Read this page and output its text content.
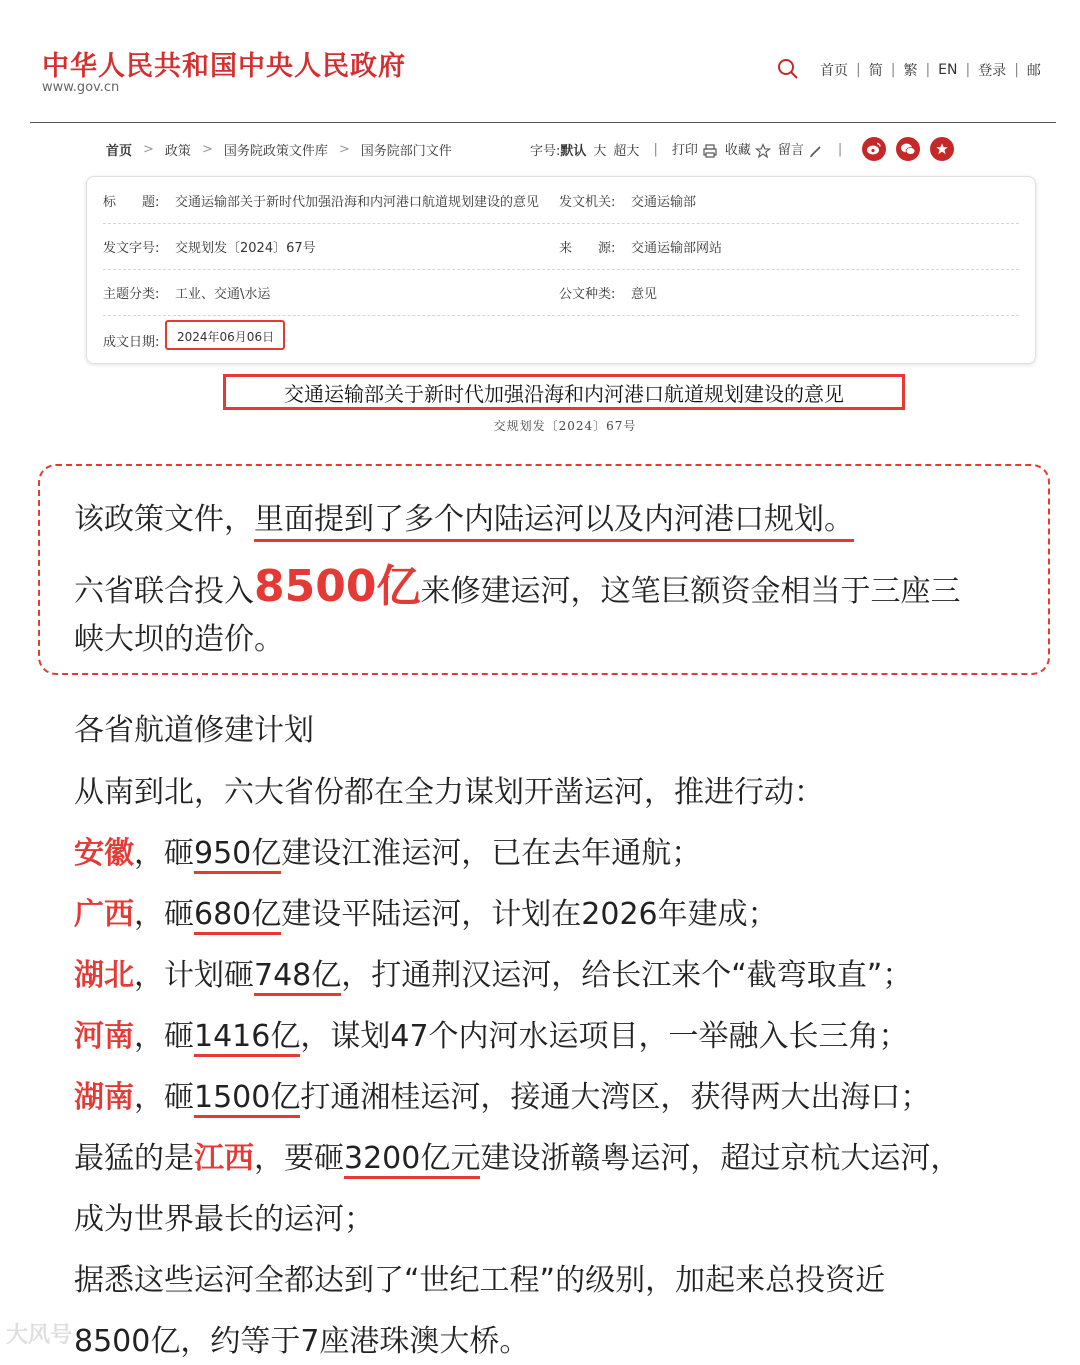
中华人民共和国中央人民政府
www.gov.cn
首页 | 简 | 繁 | EN | 登录 | 邮
首页 > 政策 > 国务院政策文件库 > 国务院部门文件	字号: 默认 大 超大 | 打印	收藏	留言	|
标　　题: 交通运输部关于新时代加强沿海和内河港口航道规划建设的意见 发文机关: 交通运输部
发文字号: 交规划发〔2024〕67号	来　　源: 交通运输部网站
主题分类: 工业、交通\水运	公文种类: 意见
成文日期: 2024年06月06日
交通运输部关于新时代加强沿海和内河港口航道规划建设的意见
交规划发〔2024〕67号
该政策文件，里面提到了多个内陆运河以及内河港口规划。
六省联合投入8500亿来修建运河，这笔巨额资金相当于三座三
峡大坝的造价。
各省航道修建计划
从南到北，六大省份都在全力谋划开凿运河，推进行动：
安徽，砸950亿建设江淮运河，已在去年通航；
广西，砸680亿建设平陆运河，计划在2026年建成；
湖北，计划砸748亿，打通荆汉运河，给长江来个“截弯取直”；
河南，砸1416亿，谋划47个内河水运项目，一举融入长三角；
湖南，砸1500亿打通湘桂运河，接通大湾区，获得两大出海口；
最猛的是江西，要砸3200亿元建设浙赣粤运河，超过京杭大运河，
成为世界最长的运河；
据悉这些运河全都达到了“世纪工程”的级别，加起来总投资近
8500亿，约等于7座港珠澳大桥。
大风号
